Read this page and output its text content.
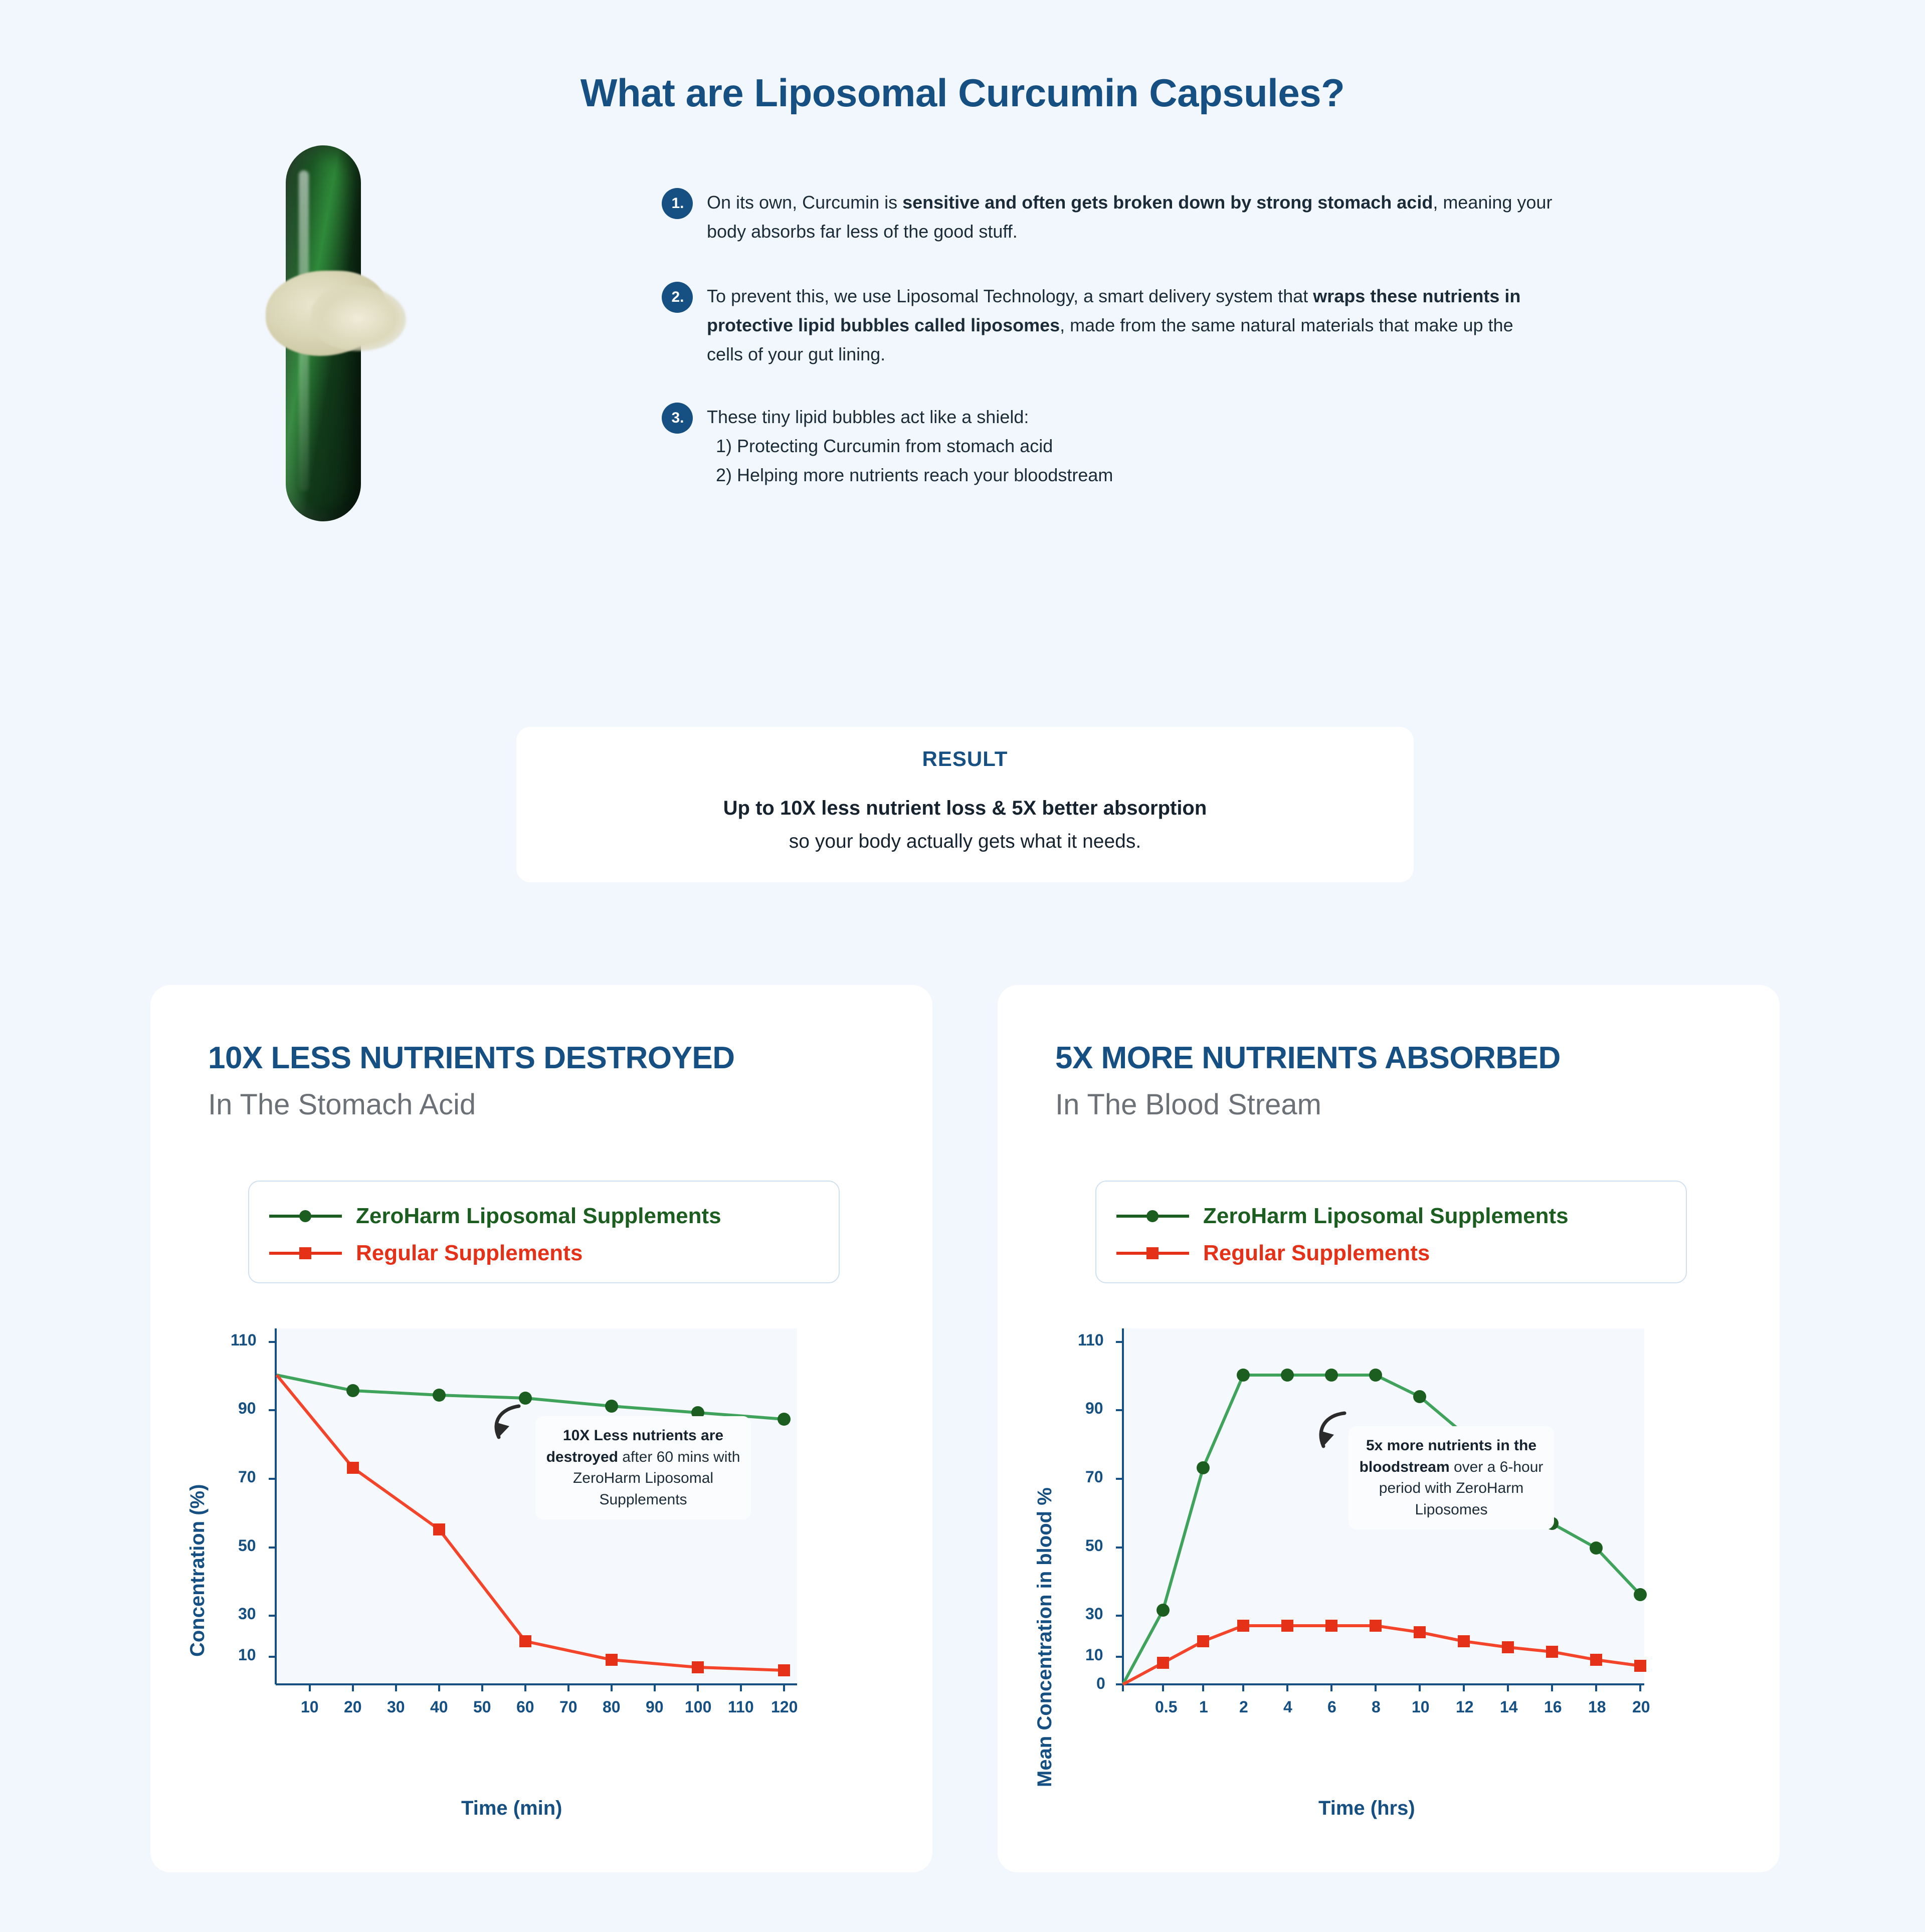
What are Liposomal Curcumin Capsules?
1.	On its own, Curcumin is sensitive and often gets broken down by strong stomach acid, meaning your body absorbs far less of the good stuff.
2.	To prevent this, we use Liposomal Technology, a smart delivery system that wraps these nutrients in protective lipid bubbles called liposomes, made from the same natural materials that make up the cells of your gut lining.
3.	These tiny lipid bubbles act like a shield:
1) Protecting Curcumin from stomach acid
2) Helping more nutrients reach your bloodstream
RESULT
Up to 10X less nutrient loss & 5X better absorption
so your body actually gets what it needs.
10X LESS NUTRIENTS DESTROYED
In The Stomach Acid
ZeroHarm Liposomal Supplements
Regular Supplements
Concentration (%)
Time (min)
110
90
70
50
30
10
10 20 30 40 50 60 70 80 90 100 110 120
10X Less nutrients are destroyed after 60 mins with ZeroHarm Liposomal Supplements
5X MORE NUTRIENTS ABSORBED
In The Blood Stream
ZeroHarm Liposomal Supplements
Regular Supplements
Mean Concentration in blood %
Time (hrs)
110
90
70
50
30
10
0
0.5 1 2 4 6 8 10 12 14 16 18 20
5x more nutrients in the bloodstream over a 6-hour period with ZeroHarm Liposomes
